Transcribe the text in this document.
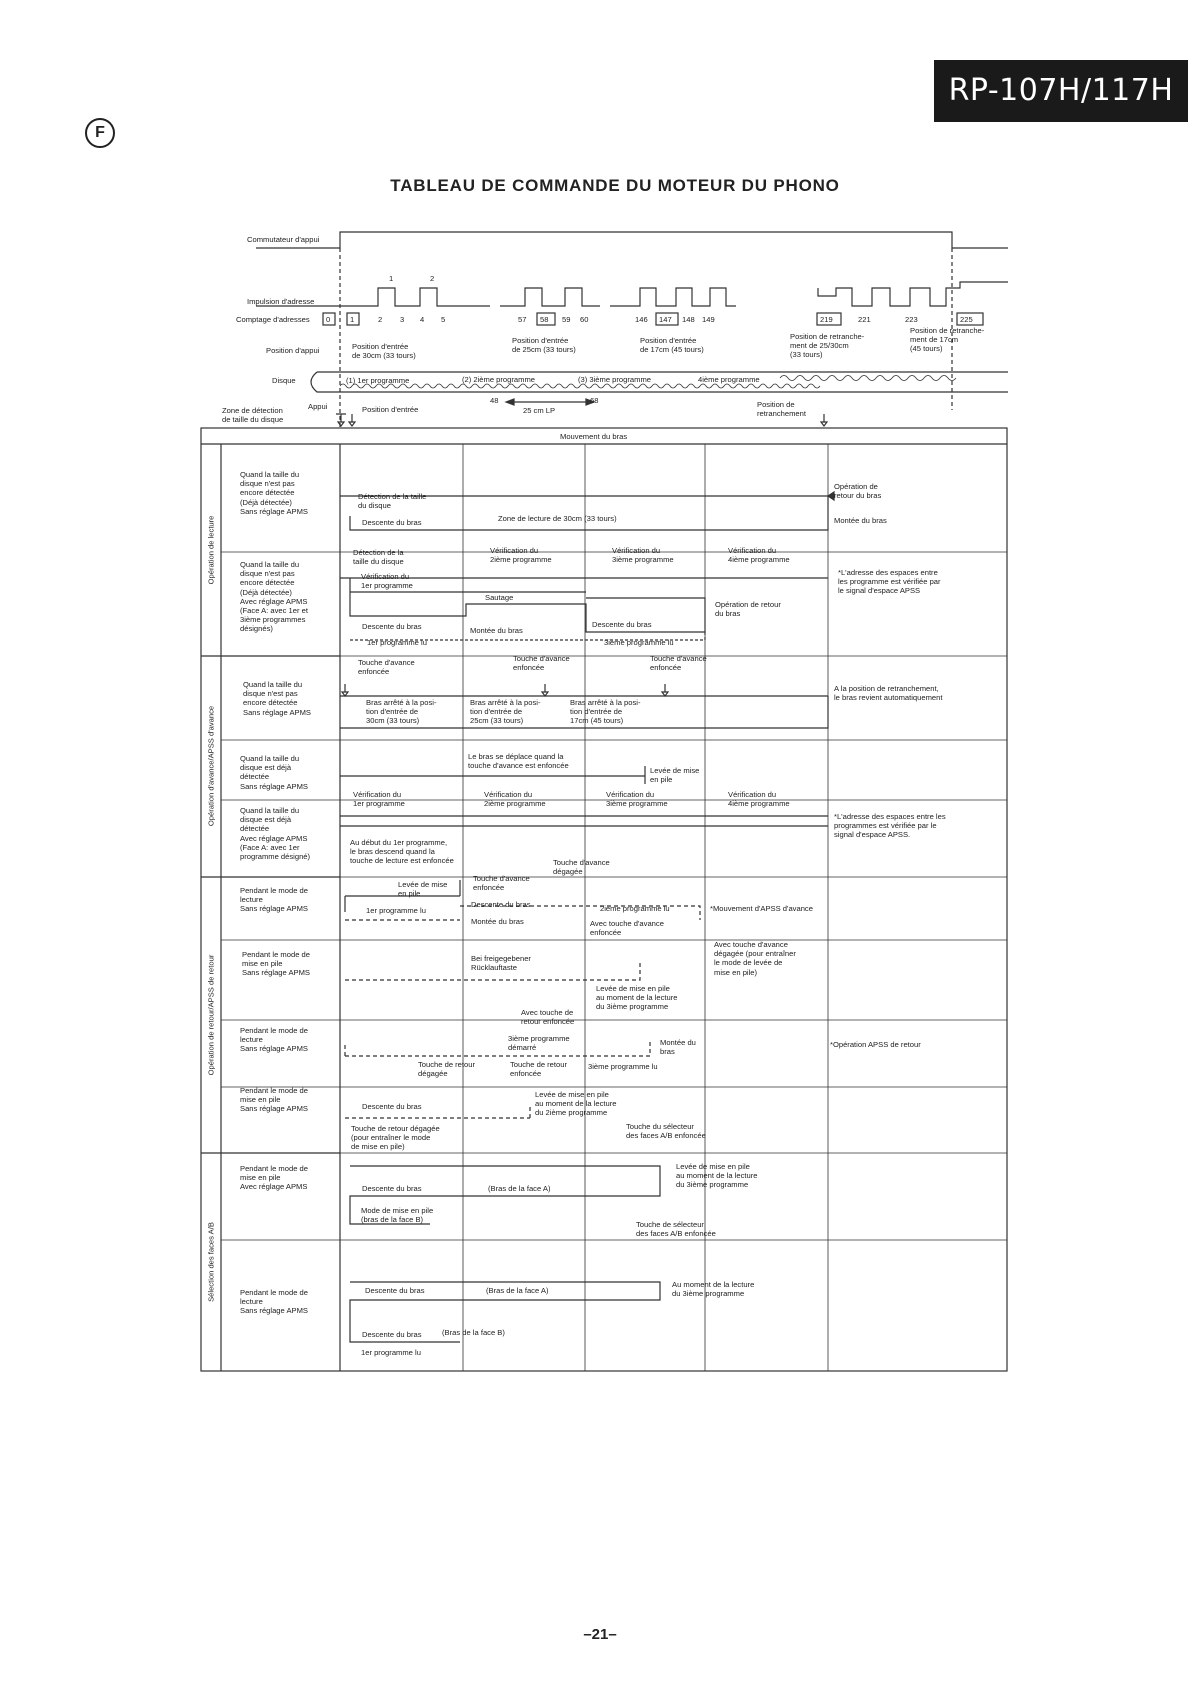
RP-107H/117H
F
TABLEAU DE COMMANDE DU MOTEUR DU PHONO
Commutateur d'appui
Impulsion d'adresse
Comptage d'adresses
Position d'appui
Disque
Zone de détection
de taille du disque
Appui
1	2
0	1	2 3 4 5	57 58 59 60	146 147 148 149	219	221	223	225
Position d'entrée
de 30cm (33 tours)
Position d'entrée
de 25cm (33 tours)
Position d'entrée
de 17cm (45 tours)
Position de retranche-
ment de 25/30cm
(33 tours)
Position de retranche-
ment de 17cm
(45 tours)
(1) 1er programme	(2) 2ième programme	(3) 3ième programme	4ième programme
48
25 cm LP
68
Position d'entrée
Position de
retranchement
Mouvement du bras
Opération de lecture
Opération d'avance/APSS d'avance
Opération de retour/APSS de retour
Sélection des faces A/B
Quand la taille du
disque n'est pas
encore détectée
(Déjà détectée)
Sans réglage APMS
Quand la taille du
disque n'est pas
encore détectée
(Déjà détectée)
Avec réglage APMS
(Face A: avec 1er et
3ième programmes
désignés)
Quand la taille du
disque n'est pas
encore détectée
Sans réglage APMS
Quand la taille du
disque est déjà
détectée
Sans réglage APMS
Quand la taille du
disque est déjà
détectée
Avec réglage APMS
(Face A: avec 1er
programme désigné)
Pendant le mode de
lecture
Sans réglage APMS
Pendant le mode de
mise en pile
Sans réglage APMS
Pendant le mode de
lecture
Sans réglage APMS
Pendant le mode de
mise en pile
Sans réglage APMS
Pendant le mode de
mise en pile
Avec réglage APMS
Pendant le mode de
lecture
Sans réglage APMS
Détection de la taille
du disque
Descente du bras	Zone de lecture de 30cm (33 tours)
Opération de
retour du bras
Montée du bras
Détection de la
taille du disque
Vérification du
2ième programme
Vérification du
3ième programme
Vérification du
4ième programme
*L'adresse des espaces entre
les programme est vérifiée par
le signal d'espace APSS
Vérification du
1er programme
Sautage
Opération de retour
du bras
Descente du bras	Montée du bras
Descente du bras
1er programme lu	3ième programme lu
Touche d'avance
enfoncée
Touche d'avance
enfoncée
Touche d'avance
enfoncée
Bras arrêté à la posi-
tion d'entrée de
30cm (33 tours)
Bras arrêté à la posi-
tion d'entrée de
25cm (33 tours)
Bras arrêté à la posi-
tion d'entrée de
17cm (45 tours)
A la position de retranchement,
le bras revient automatiquement
Le bras se déplace quand la
touche d'avance est enfoncée
Levée de mise
en pile
Vérification du
1er programme
Vérification du
2ième programme
Vérification du
3ième programme
Vérification du
4ième programme
*L'adresse des espaces entre les
programmes est vérifiée par le
signal d'espace APSS.
Au début du 1er programme,
le bras descend quand la
touche de lecture est enfoncée	Touche d'avance
dégagée
Levée de mise
en pile
Touche d'avance
enfoncée
1er programme lu
Descente du bras
Montée du bras
2ième programme lu	*Mouvement d'APSS d'avance
Avec touche d'avance
enfoncée
Bei freigegebener
Rücklauftaste
Avec touche d'avance
dégagée (pour entraîner
le mode de levée de
mise en pile)
Levée de mise en pile
au moment de la lecture
du 3ième programme
Avec touche de
retour enfoncée
3ième programme
démarré
Montée du
bras
*Opération APSS de retour
Touche de retour
dégagée
Touche de retour
enfoncée
3ième programme lu
Descente du bras
Levée de mise en pile
au moment de la lecture
du 2ième programme
Touche de retour dégagée
(pour entraîner le mode
de mise en pile)
Touche du sélecteur
des faces A/B enfoncée
Descente du bras	(Bras de la face A)
Levée de mise en pile
au moment de la lecture
du 3ième programme
Mode de mise en pile
(bras de la face B)
Touche de sélecteur
des faces A/B enfoncée
Descente du bras	(Bras de la face A)
Au moment de la lecture
du 3ième programme
Descente du bras	(Bras de la face B)
1er programme lu
–21–
